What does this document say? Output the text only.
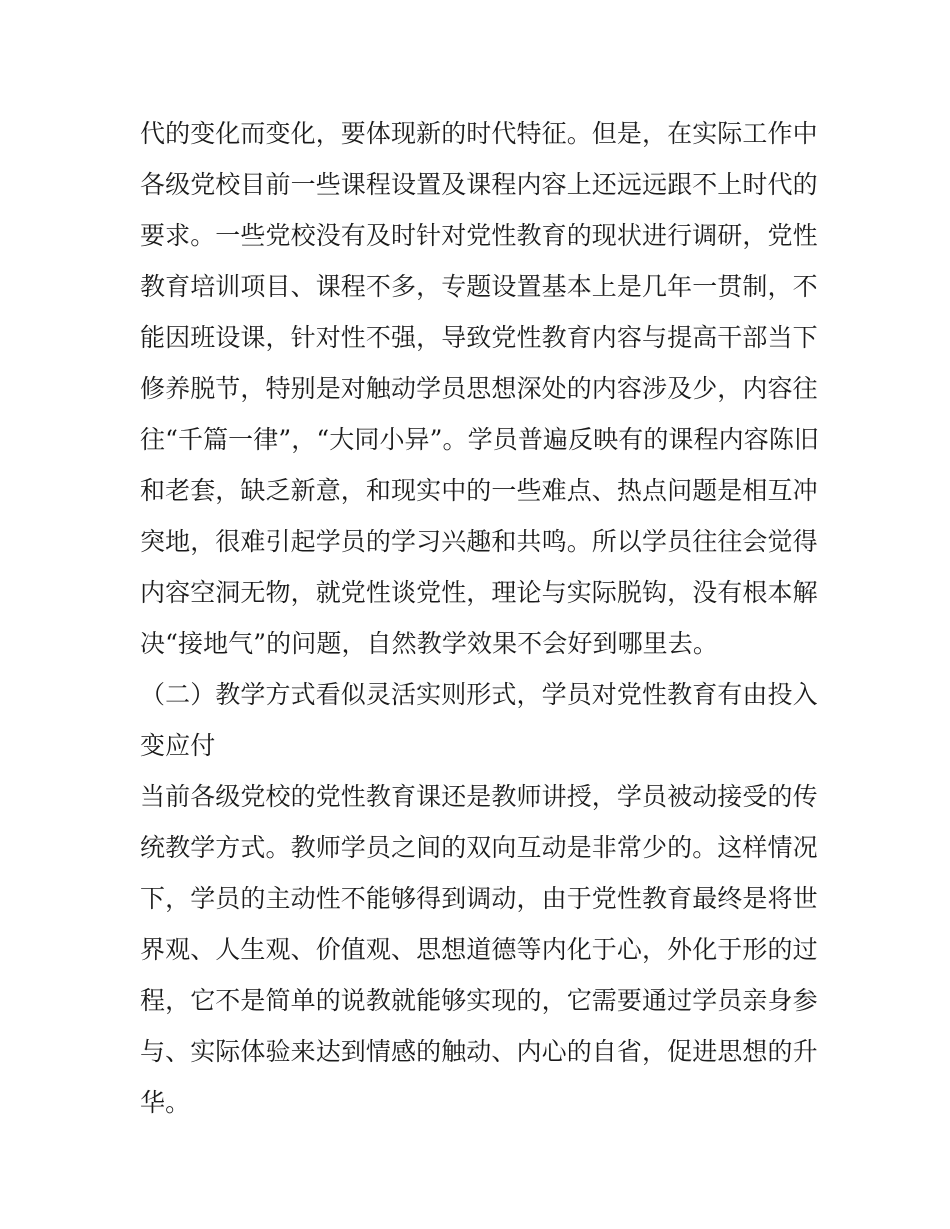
代的变化而变化，要体现新的时代特征。但是，在实际工作中
各级党校目前一些课程设置及课程内容上还远远跟不上时代的
要求。一些党校没有及时针对党性教育的现状进行调研，党性
教育培训项目、课程不多，专题设置基本上是几年一贯制，不
能因班设课，针对性不强，导致党性教育内容与提高干部当下
修养脱节，特别是对触动学员思想深处的内容涉及少，内容往
往“千篇一律”，“大同小异”。学员普遍反映有的课程内容陈旧
和老套，缺乏新意，和现实中的一些难点、热点问题是相互冲
突地，很难引起学员的学习兴趣和共鸣。所以学员往往会觉得
内容空洞无物，就党性谈党性，理论与实际脱钩，没有根本解
决“接地气”的问题，自然教学效果不会好到哪里去。
（二）教学方式看似灵活实则形式，学员对党性教育有由投入
变应付
当前各级党校的党性教育课还是教师讲授，学员被动接受的传
统教学方式。教师学员之间的双向互动是非常少的。这样情况
下，学员的主动性不能够得到调动，由于党性教育最终是将世
界观、人生观、价值观、思想道德等内化于心，外化于形的过
程，它不是简单的说教就能够实现的，它需要通过学员亲身参
与、实际体验来达到情感的触动、内心的自省，促进思想的升
华。
